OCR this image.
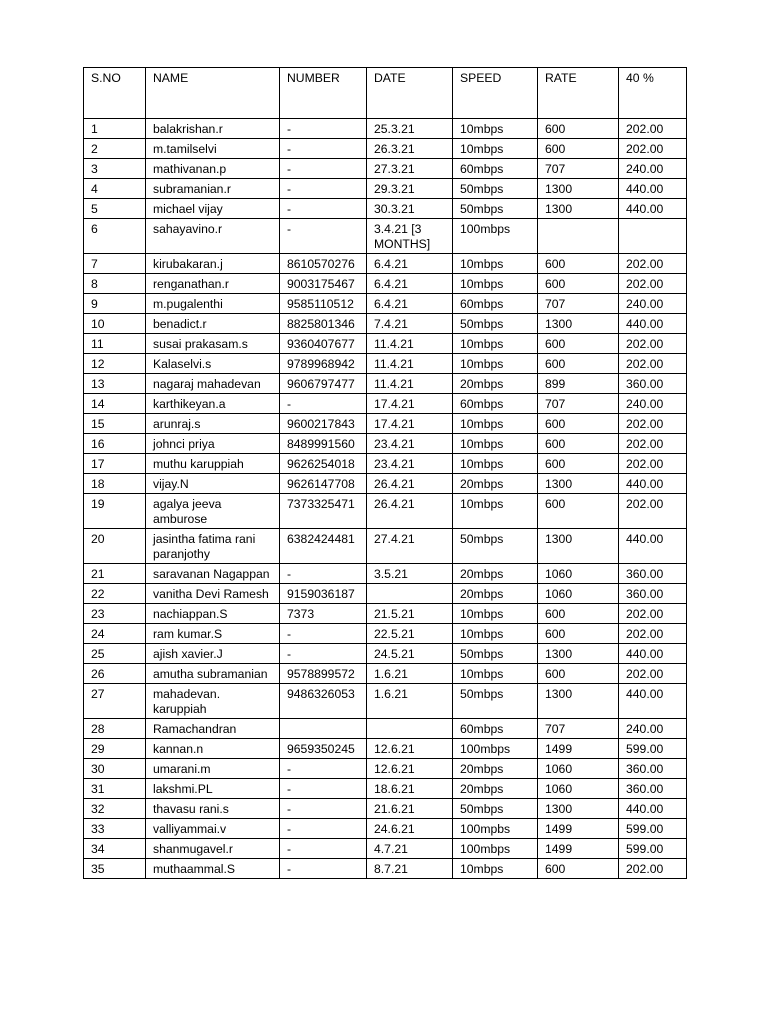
S.NO	NAME	NUMBER	DATE	SPEED	RATE	40 %
1	balakrishan.r	-	25.3.21	10mbps	600	202.00
2	m.tamilselvi	-	26.3.21	10mbps	600	202.00
3	mathivanan.p	-	27.3.21	60mbps	707	240.00
4	subramanian.r	-	29.3.21	50mbps	1300	440.00
5	michael vijay	-	30.3.21	50mbps	1300	440.00
6	sahayavino.r	-	3.4.21 [3 MONTHS]	100mbps		
7	kirubakaran.j	8610570276	6.4.21	10mbps	600	202.00
8	renganathan.r	9003175467	6.4.21	10mbps	600	202.00
9	m.pugalenthi	9585110512	6.4.21	60mbps	707	240.00
10	benadict.r	8825801346	7.4.21	50mbps	1300	440.00
11	susai prakasam.s	9360407677	11.4.21	10mbps	600	202.00
12	Kalaselvi.s	9789968942	11.4.21	10mbps	600	202.00
13	nagaraj mahadevan	9606797477	11.4.21	20mbps	899	360.00
14	karthikeyan.a	-	17.4.21	60mbps	707	240.00
15	arunraj.s	9600217843	17.4.21	10mbps	600	202.00
16	johnci priya	8489991560	23.4.21	10mbps	600	202.00
17	muthu karuppiah	9626254018	23.4.21	10mbps	600	202.00
18	vijay.N	9626147708	26.4.21	20mbps	1300	440.00
19	agalya jeeva amburose	7373325471	26.4.21	10mbps	600	202.00
20	jasintha fatima rani paranjothy	6382424481	27.4.21	50mbps	1300	440.00
21	saravanan Nagappan	-	3.5.21	20mbps	1060	360.00
22	vanitha Devi Ramesh	9159036187		20mbps	1060	360.00
23	nachiappan.S	7373	21.5.21	10mbps	600	202.00
24	ram kumar.S	-	22.5.21	10mbps	600	202.00
25	ajish xavier.J	-	24.5.21	50mbps	1300	440.00
26	amutha subramanian	9578899572	1.6.21	10mbps	600	202.00
27	mahadevan. karuppiah	9486326053	1.6.21	50mbps	1300	440.00
28	Ramachandran			60mbps	707	240.00
29	kannan.n	9659350245	12.6.21	100mbps	1499	599.00
30	umarani.m	-	12.6.21	20mbps	1060	360.00
31	lakshmi.PL	-	18.6.21	20mbps	1060	360.00
32	thavasu rani.s	-	21.6.21	50mbps	1300	440.00
33	valliyammai.v	-	24.6.21	100mpbs	1499	599.00
34	shanmugavel.r	-	4.7.21	100mbps	1499	599.00
35	muthaammal.S	-	8.7.21	10mbps	600	202.00
